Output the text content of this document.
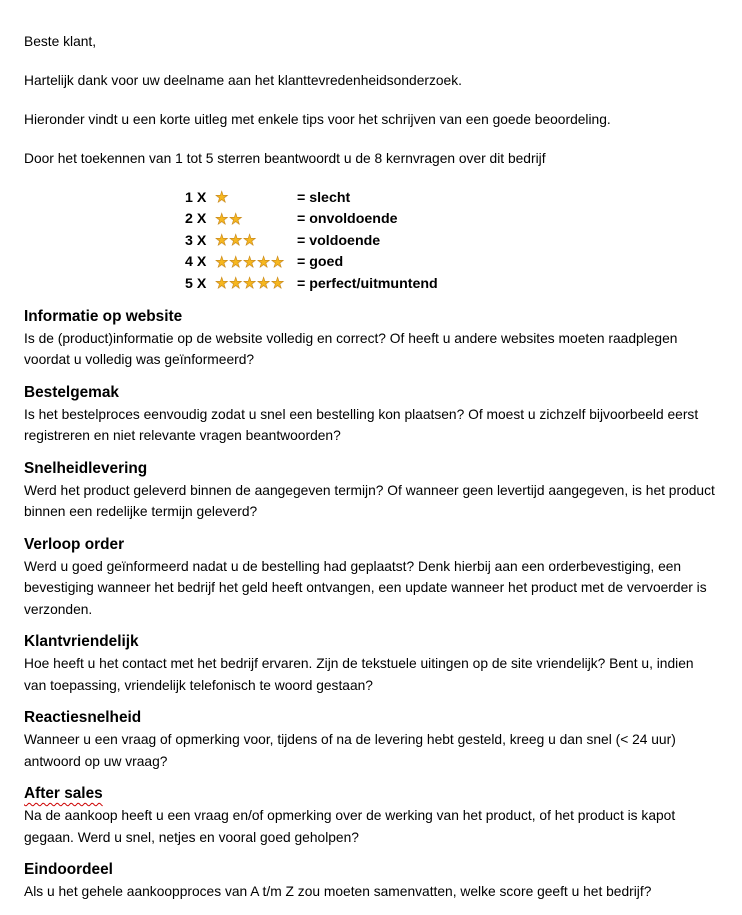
Beste klant,

Hartelijk dank voor uw deelname aan het klanttevredenheidsonderzoek.

Hieronder vindt u een korte uitleg met enkele tips voor het schrijven van een goede beoordeling.

Door het toekennen van 1 tot 5 sterren beantwoordt u de 8 kernvragen over dit bedrijf

1 X ★	= slecht
2 X ★★	= onvoldoende
3 X ★★★	= voldoende
4 X ★★★★★ = goed
5 X ★★★★★ = perfect/uitmuntend
Informatie op website

Is de (product)informatie op de website volledig en correct? Of heeft u andere websites moeten raadplegen voordat u volledig was geïnformeerd?

Bestelgemak

Is het bestelproces eenvoudig zodat u snel een bestelling kon plaatsen? Of moest u zichzelf bijvoorbeeld eerst registreren en niet relevante vragen beantwoorden?

Snelheidlevering

Werd het product geleverd binnen de aangegeven termijn? Of wanneer geen levertijd aangegeven, is het product binnen een redelijke termijn geleverd?

Verloop order

Werd u goed geïnformeerd nadat u de bestelling had geplaatst? Denk hierbij aan een orderbevestiging, een bevestiging wanneer het bedrijf het geld heeft ontvangen, een update wanneer het product met de vervoerder is verzonden.

Klantvriendelijk

Hoe heeft u het contact met het bedrijf ervaren. Zijn de tekstuele uitingen op de site vriendelijk? Bent u, indien van toepassing, vriendelijk telefonisch te woord gestaan?

Reactiesnelheid

Wanneer u een vraag of opmerking voor, tijdens of na de levering hebt gesteld, kreeg u dan snel (< 24 uur) antwoord op uw vraag?

After sales

Na de aankoop heeft u een vraag en/of opmerking over de werking van het product, of het product is kapot gegaan. Werd u snel, netjes en vooral goed geholpen?

Eindoordeel

Als u het gehele aankoopproces van A t/m Z zou moeten samenvatten, welke score geeft u het bedrijf?
